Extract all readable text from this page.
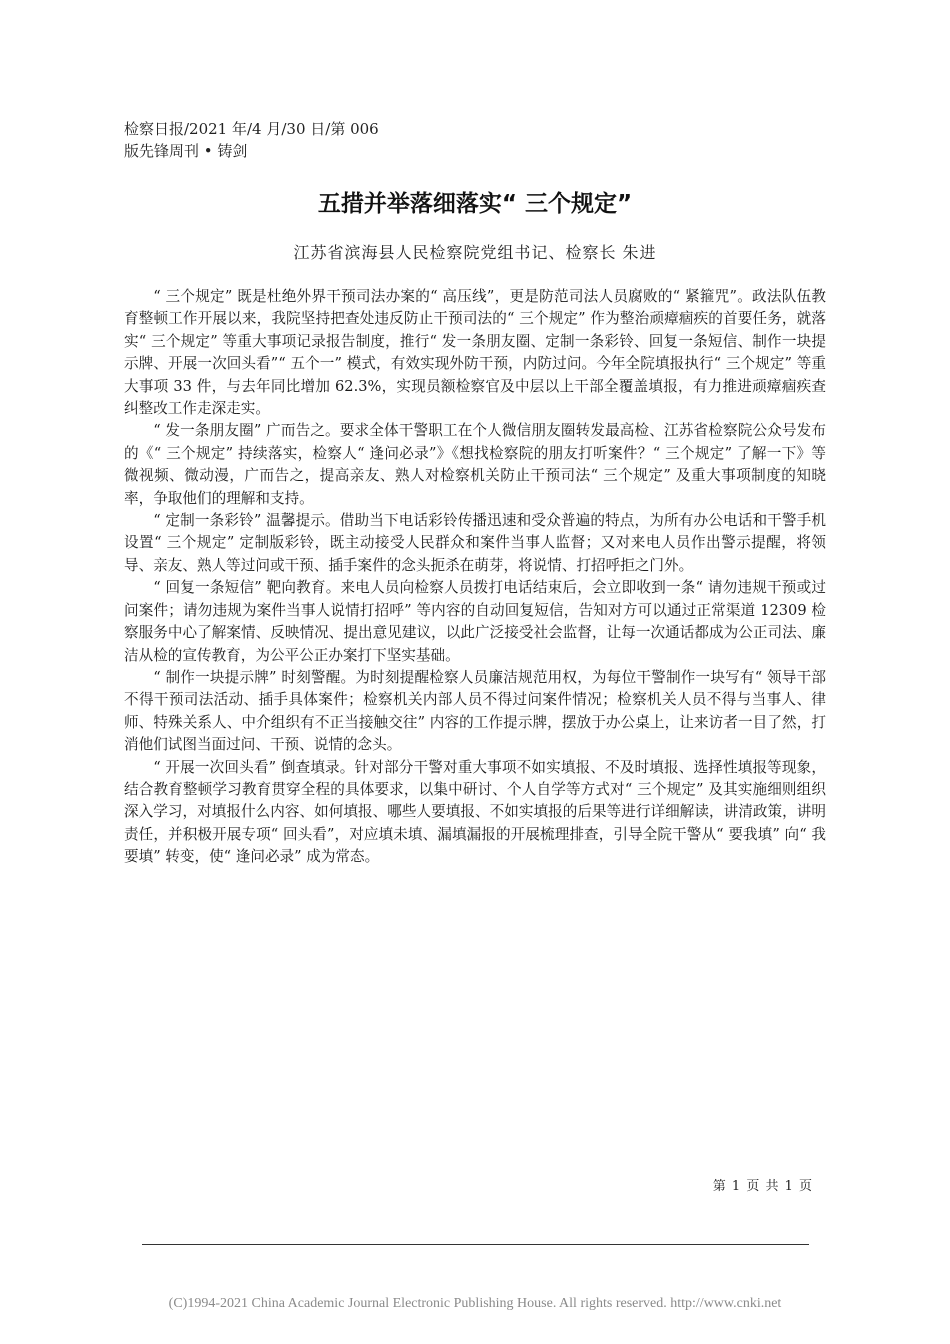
检察日报/2021 年/4 月/30 日/第 006
版先锋周刊 • 铸剑
五措并举落细落实“ 三个规定”
江苏省滨海县人民检察院党组书记、检察长 朱进

“ 三个规定” 既是杜绝外界干预司法办案的“ 高压线”，更是防范司法人员腐败的“ 紧箍咒”。政法队伍教育整顿工作开展以来，我院坚持把查处违反防止干预司法的“ 三个规定” 作为整治顽瘴痼疾的首要任务，就落实“ 三个规定” 等重大事项记录报告制度，推行“ 发一条朋友圈、定制一条彩铃、回复一条短信、制作一块提示牌、开展一次回头看”“ 五个一” 模式，有效实现外防干预，内防过问。今年全院填报执行“ 三个规定” 等重大事项 33 件，与去年同比增加 62.3%，实现员额检察官及中层以上干部全覆盖填报，有力推进顽瘴痼疾查纠整改工作走深走实。

“ 发一条朋友圈” 广而告之。要求全体干警职工在个人微信朋友圈转发最高检、江苏省检察院公众号发布的《“ 三个规定” 持续落实，检察人“ 逢问必录”》《想找检察院的朋友打听案件？“ 三个规定” 了解一下》等微视频、微动漫，广而告之，提高亲友、熟人对检察机关防止干预司法“ 三个规定” 及重大事项制度的知晓率，争取他们的理解和支持。

“ 定制一条彩铃” 温馨提示。借助当下电话彩铃传播迅速和受众普遍的特点，为所有办公电话和干警手机设置“ 三个规定” 定制版彩铃，既主动接受人民群众和案件当事人监督；又对来电人员作出警示提醒，将领导、亲友、熟人等过问或干预、插手案件的念头扼杀在萌芽，将说情、打招呼拒之门外。

“ 回复一条短信” 靶向教育。来电人员向检察人员拨打电话结束后，会立即收到一条“ 请勿违规干预或过问案件；请勿违规为案件当事人说情打招呼” 等内容的自动回复短信，告知对方可以通过正常渠道 12309 检察服务中心了解案情、反映情况、提出意见建议，以此广泛接受社会监督，让每一次通话都成为公正司法、廉洁从检的宣传教育，为公平公正办案打下坚实基础。

“ 制作一块提示牌” 时刻警醒。为时刻提醒检察人员廉洁规范用权，为每位干警制作一块写有“ 领导干部不得干预司法活动、插手具体案件；检察机关内部人员不得过问案件情况；检察机关人员不得与当事人、律师、特殊关系人、中介组织有不正当接触交往” 内容的工作提示牌，摆放于办公桌上，让来访者一目了然，打消他们试图当面过问、干预、说情的念头。

“ 开展一次回头看” 倒查填录。针对部分干警对重大事项不如实填报、不及时填报、选择性填报等现象，结合教育整顿学习教育贯穿全程的具体要求，以集中研讨、个人自学等方式对“ 三个规定” 及其实施细则组织深入学习，对填报什么内容、如何填报、哪些人要填报、不如实填报的后果等进行详细解读，讲清政策，讲明责任，并积极开展专项“ 回头看”，对应填未填、漏填漏报的开展梳理排查，引导全院干警从“ 要我填” 向“ 我要填” 转变，使“ 逢问必录” 成为常态。

第 1 页 共 1 页
(C)1994-2021 China Academic Journal Electronic Publishing House. All rights reserved. http://www.cnki.net
